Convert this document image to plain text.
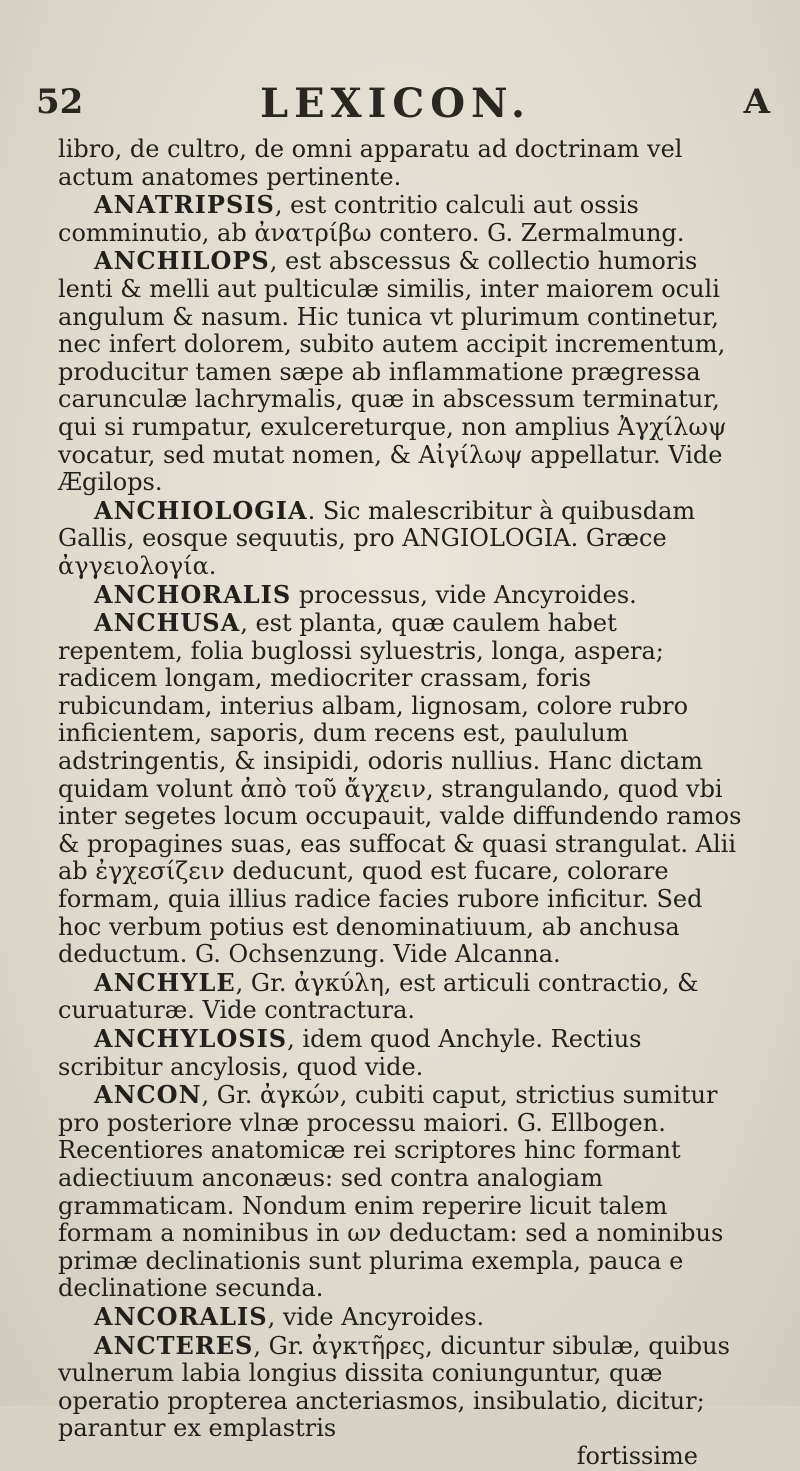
52	LEXICON.	A

libro, de cultro, de omni apparatu ad doctrinam vel actum anatomes pertinente.

ANATRIPSIS, est contritio calculi aut ossis comminutio, ab ἀνατρίβω contero. G. Zermalmung.

ANCHILOPS, est abscessus & collectio humoris lenti & melli aut pulticulæ similis, inter maiorem oculi angulum & nasum. Hic tunica vt plurimum continetur, nec infert dolorem, subito autem accipit incrementum, producitur tamen sæpe ab inflammatione prægressa carunculæ lachrymalis, quæ in abscessum terminatur, qui si rumpatur, exulcereturque, non amplius Ἀγχίλωψ vocatur, sed mutat nomen, & Αἰγίλωψ appellatur. Vide Ægilops.

ANCHIOLOGIA. Sic malescribitur à quibusdam Gallis, eosque sequutis, pro ANGIOLOGIA. Græce ἀγγειολογία.

ANCHORALIS processus, vide Ancyroides.

ANCHUSA, est planta, quæ caulem habet repentem, folia buglossi syluestris, longa, aspera; radicem longam, mediocriter crassam, foris rubicundam, interius albam, lignosam, colore rubro inficientem, saporis, dum recens est, paululum adstringentis, & insipidi, odoris nullius. Hanc dictam quidam volunt ἀπὸ τοῦ ἄγχειν, strangulando, quod vbi inter segetes locum occupauit, valde diffundendo ramos & propagines suas, eas suffocat & quasi strangulat. Alii ab ἐγχεσίζειν deducunt, quod est fucare, colorare formam, quia illius radice facies rubore inficitur. Sed hoc verbum potius est denominatiuum, ab anchusa deductum. G. Ochsenzung. Vide Alcanna.

ANCHYLE, Gr. ἀγκύλη, est articuli contractio, & curuaturæ. Vide contractura.

ANCHYLOSIS, idem quod Anchyle. Rectius scribitur ancylosis, quod vide.

ANCON, Gr. ἀγκών, cubiti caput, strictius sumitur pro posteriore vlnæ processu maiori. G. Ellbogen. Recentiores anatomicæ rei scriptores hinc formant adiectiuum anconæus: sed contra analogiam grammaticam. Nondum enim reperire licuit talem formam a nominibus in ων deductam: sed a nominibus primæ declinationis sunt plurima exempla, pauca e declinatione secunda.

ANCORALIS, vide Ancyroides.

ANCTERES, Gr. ἀγκτῆρες, dicuntur sibulæ, quibus vulnerum labia longius dissita coniunguntur, quæ operatio propterea ancteriasmos, insibulatio, dicitur; parantur ex emplastris

fortissime
